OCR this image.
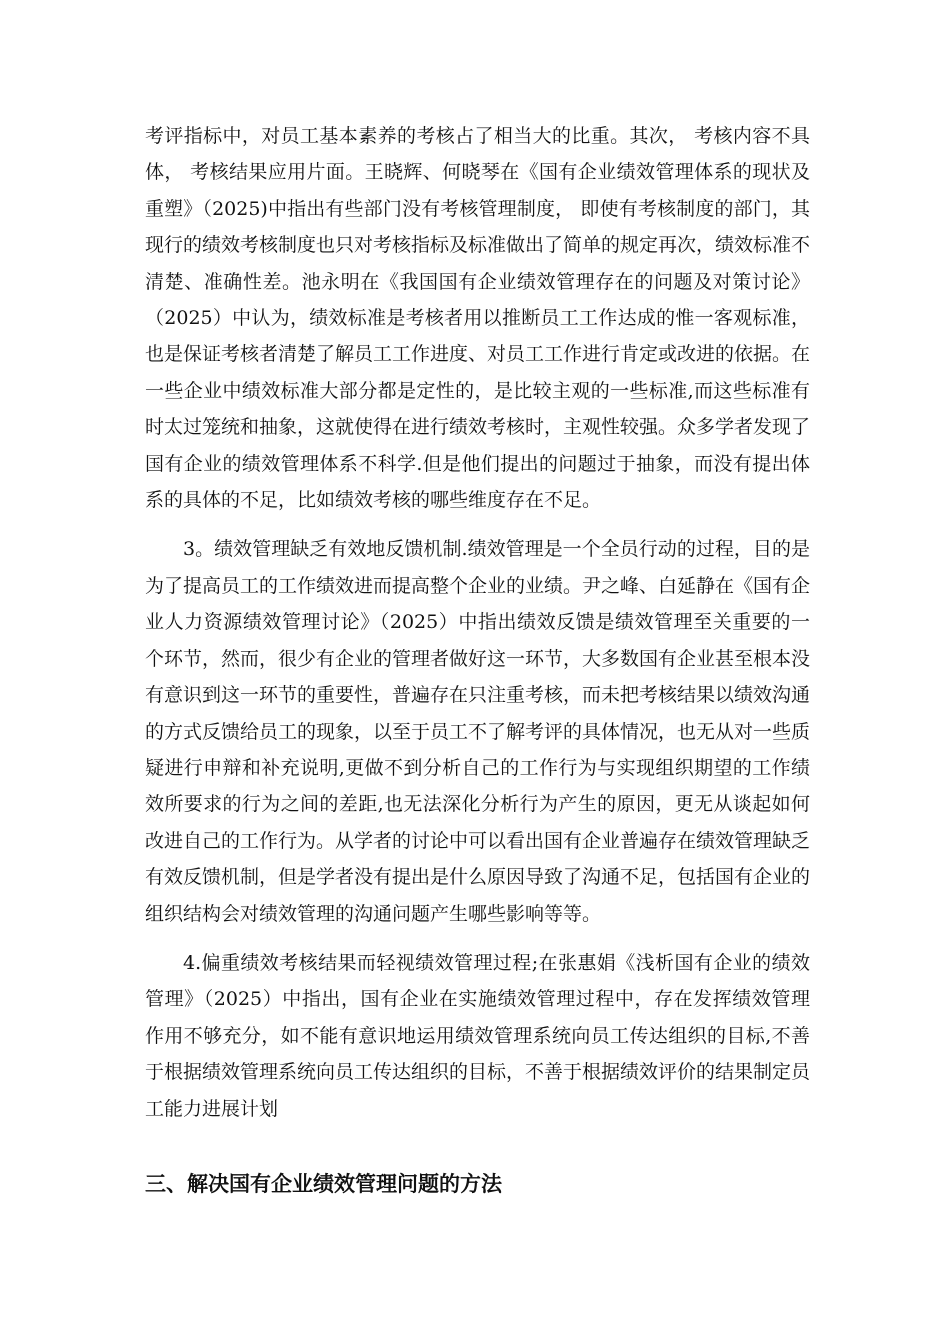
考评指标中，对员工基本素养的考核占了相当大的比重。其次， 考核内容不具体， 考核结果应用片面。王晓辉、何晓琴在《国有企业绩效管理体系的现状及重塑》（2025)中指出有些部门没有考核管理制度， 即使有考核制度的部门，其现行的绩效考核制度也只对考核指标及标准做出了简单的规定再次，绩效标准不清楚、准确性差。池永明在《我国国有企业绩效管理存在的问题及对策讨论》（2025）中认为，绩效标准是考核者用以推断员工工作达成的惟一客观标准，也是保证考核者清楚了解员工工作进度、对员工工作进行肯定或改进的依据。在一些企业中绩效标准大部分都是定性的，是比较主观的一些标准,而这些标准有时太过笼统和抽象，这就使得在进行绩效考核时，主观性较强。众多学者发现了国有企业的绩效管理体系不科学.但是他们提出的问题过于抽象，而没有提出体系的具体的不足，比如绩效考核的哪些维度存在不足。

3。绩效管理缺乏有效地反馈机制.绩效管理是一个全员行动的过程，目的是为了提高员工的工作绩效进而提高整个企业的业绩。尹之峰、白延静在《国有企业人力资源绩效管理讨论》（2025）中指出绩效反馈是绩效管理至关重要的一个环节，然而，很少有企业的管理者做好这一环节，大多数国有企业甚至根本没有意识到这一环节的重要性，普遍存在只注重考核，而未把考核结果以绩效沟通的方式反馈给员工的现象，以至于员工不了解考评的具体情况，也无从对一些质疑进行申辩和补充说明,更做不到分析自己的工作行为与实现组织期望的工作绩效所要求的行为之间的差距,也无法深化分析行为产生的原因，更无从谈起如何改进自己的工作行为。从学者的讨论中可以看出国有企业普遍存在绩效管理缺乏有效反馈机制，但是学者没有提出是什么原因导致了沟通不足，包括国有企业的组织结构会对绩效管理的沟通问题产生哪些影响等等。

4.偏重绩效考核结果而轻视绩效管理过程;在张惠娟《浅析国有企业的绩效管理》（2025）中指出，国有企业在实施绩效管理过程中，存在发挥绩效管理作用不够充分，如不能有意识地运用绩效管理系统向员工传达组织的目标,不善于根据绩效管理系统向员工传达组织的目标，不善于根据绩效评价的结果制定员工能力进展计划

三、解决国有企业绩效管理问题的方法
